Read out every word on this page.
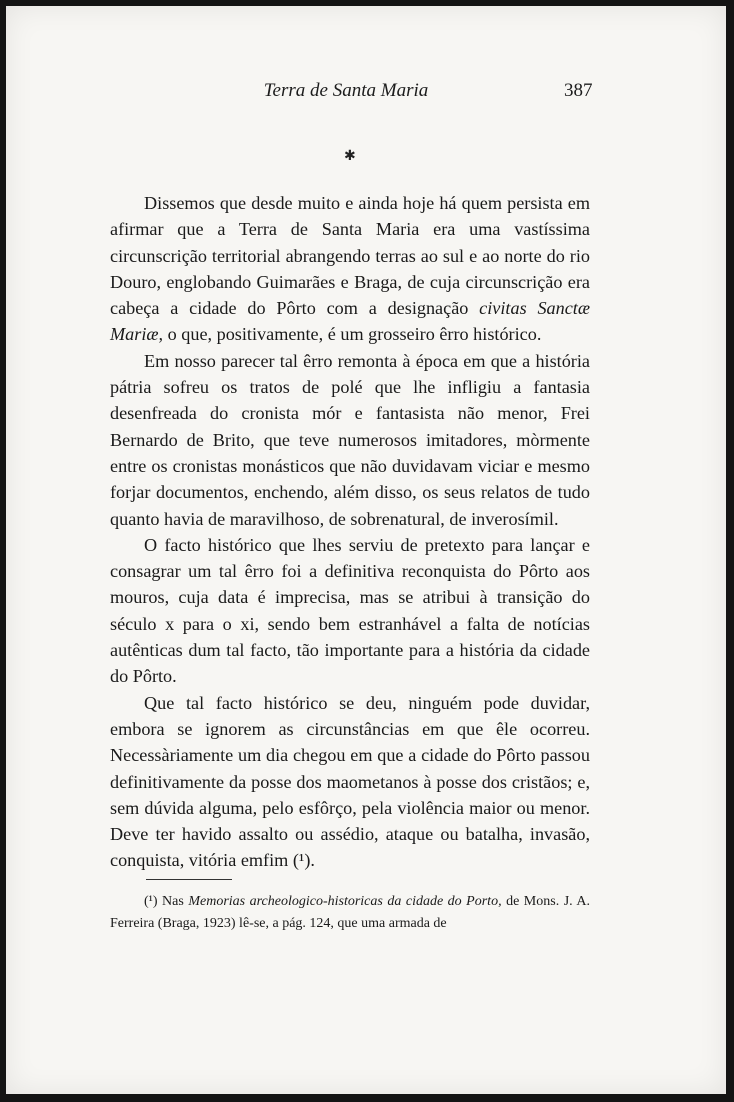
Terra de Santa Maria	387
✱

Dissemos que desde muito e ainda hoje há quem persista em afirmar que a Terra de Santa Maria era uma vastíssima circunscrição territorial abrangendo terras ao sul e ao norte do rio Douro, englobando Guimarães e Braga, de cuja circunscrição era cabeça a cidade do Pôrto com a designação civitas Sanctæ Mariæ, o que, positivamente, é um grosseiro êrro histórico.

Em nosso parecer tal êrro remonta à época em que a história pátria sofreu os tratos de polé que lhe infligiu a fantasia desenfreada do cronista mór e fantasista não menor, Frei Bernardo de Brito, que teve numerosos imitadores, mòrmente entre os cronistas monásticos que não duvidavam viciar e mesmo forjar documentos, enchendo, além disso, os seus relatos de tudo quanto havia de maravilhoso, de sobrenatural, de inverosímil.

O facto histórico que lhes serviu de pretexto para lançar e consagrar um tal êrro foi a definitiva reconquista do Pôrto aos mouros, cuja data é imprecisa, mas se atribui à transição do século x para o xi, sendo bem estranhável a falta de notícias autênticas dum tal facto, tão importante para a história da cidade do Pôrto.

Que tal facto histórico se deu, ninguém pode duvidar, embora se ignorem as circunstâncias em que êle ocorreu. Necessàriamente um dia chegou em que a cidade do Pôrto passou definitivamente da posse dos maometanos à posse dos cristãos; e, sem dúvida alguma, pelo esfôrço, pela violência maior ou menor. Deve ter havido assalto ou assédio, ataque ou batalha, invasão, conquista, vitória emfim (¹).

(¹) Nas Memorias archeologico-historicas da cidade do Porto, de Mons. J. A. Ferreira (Braga, 1923) lê-se, a pág. 124, que uma armada de
